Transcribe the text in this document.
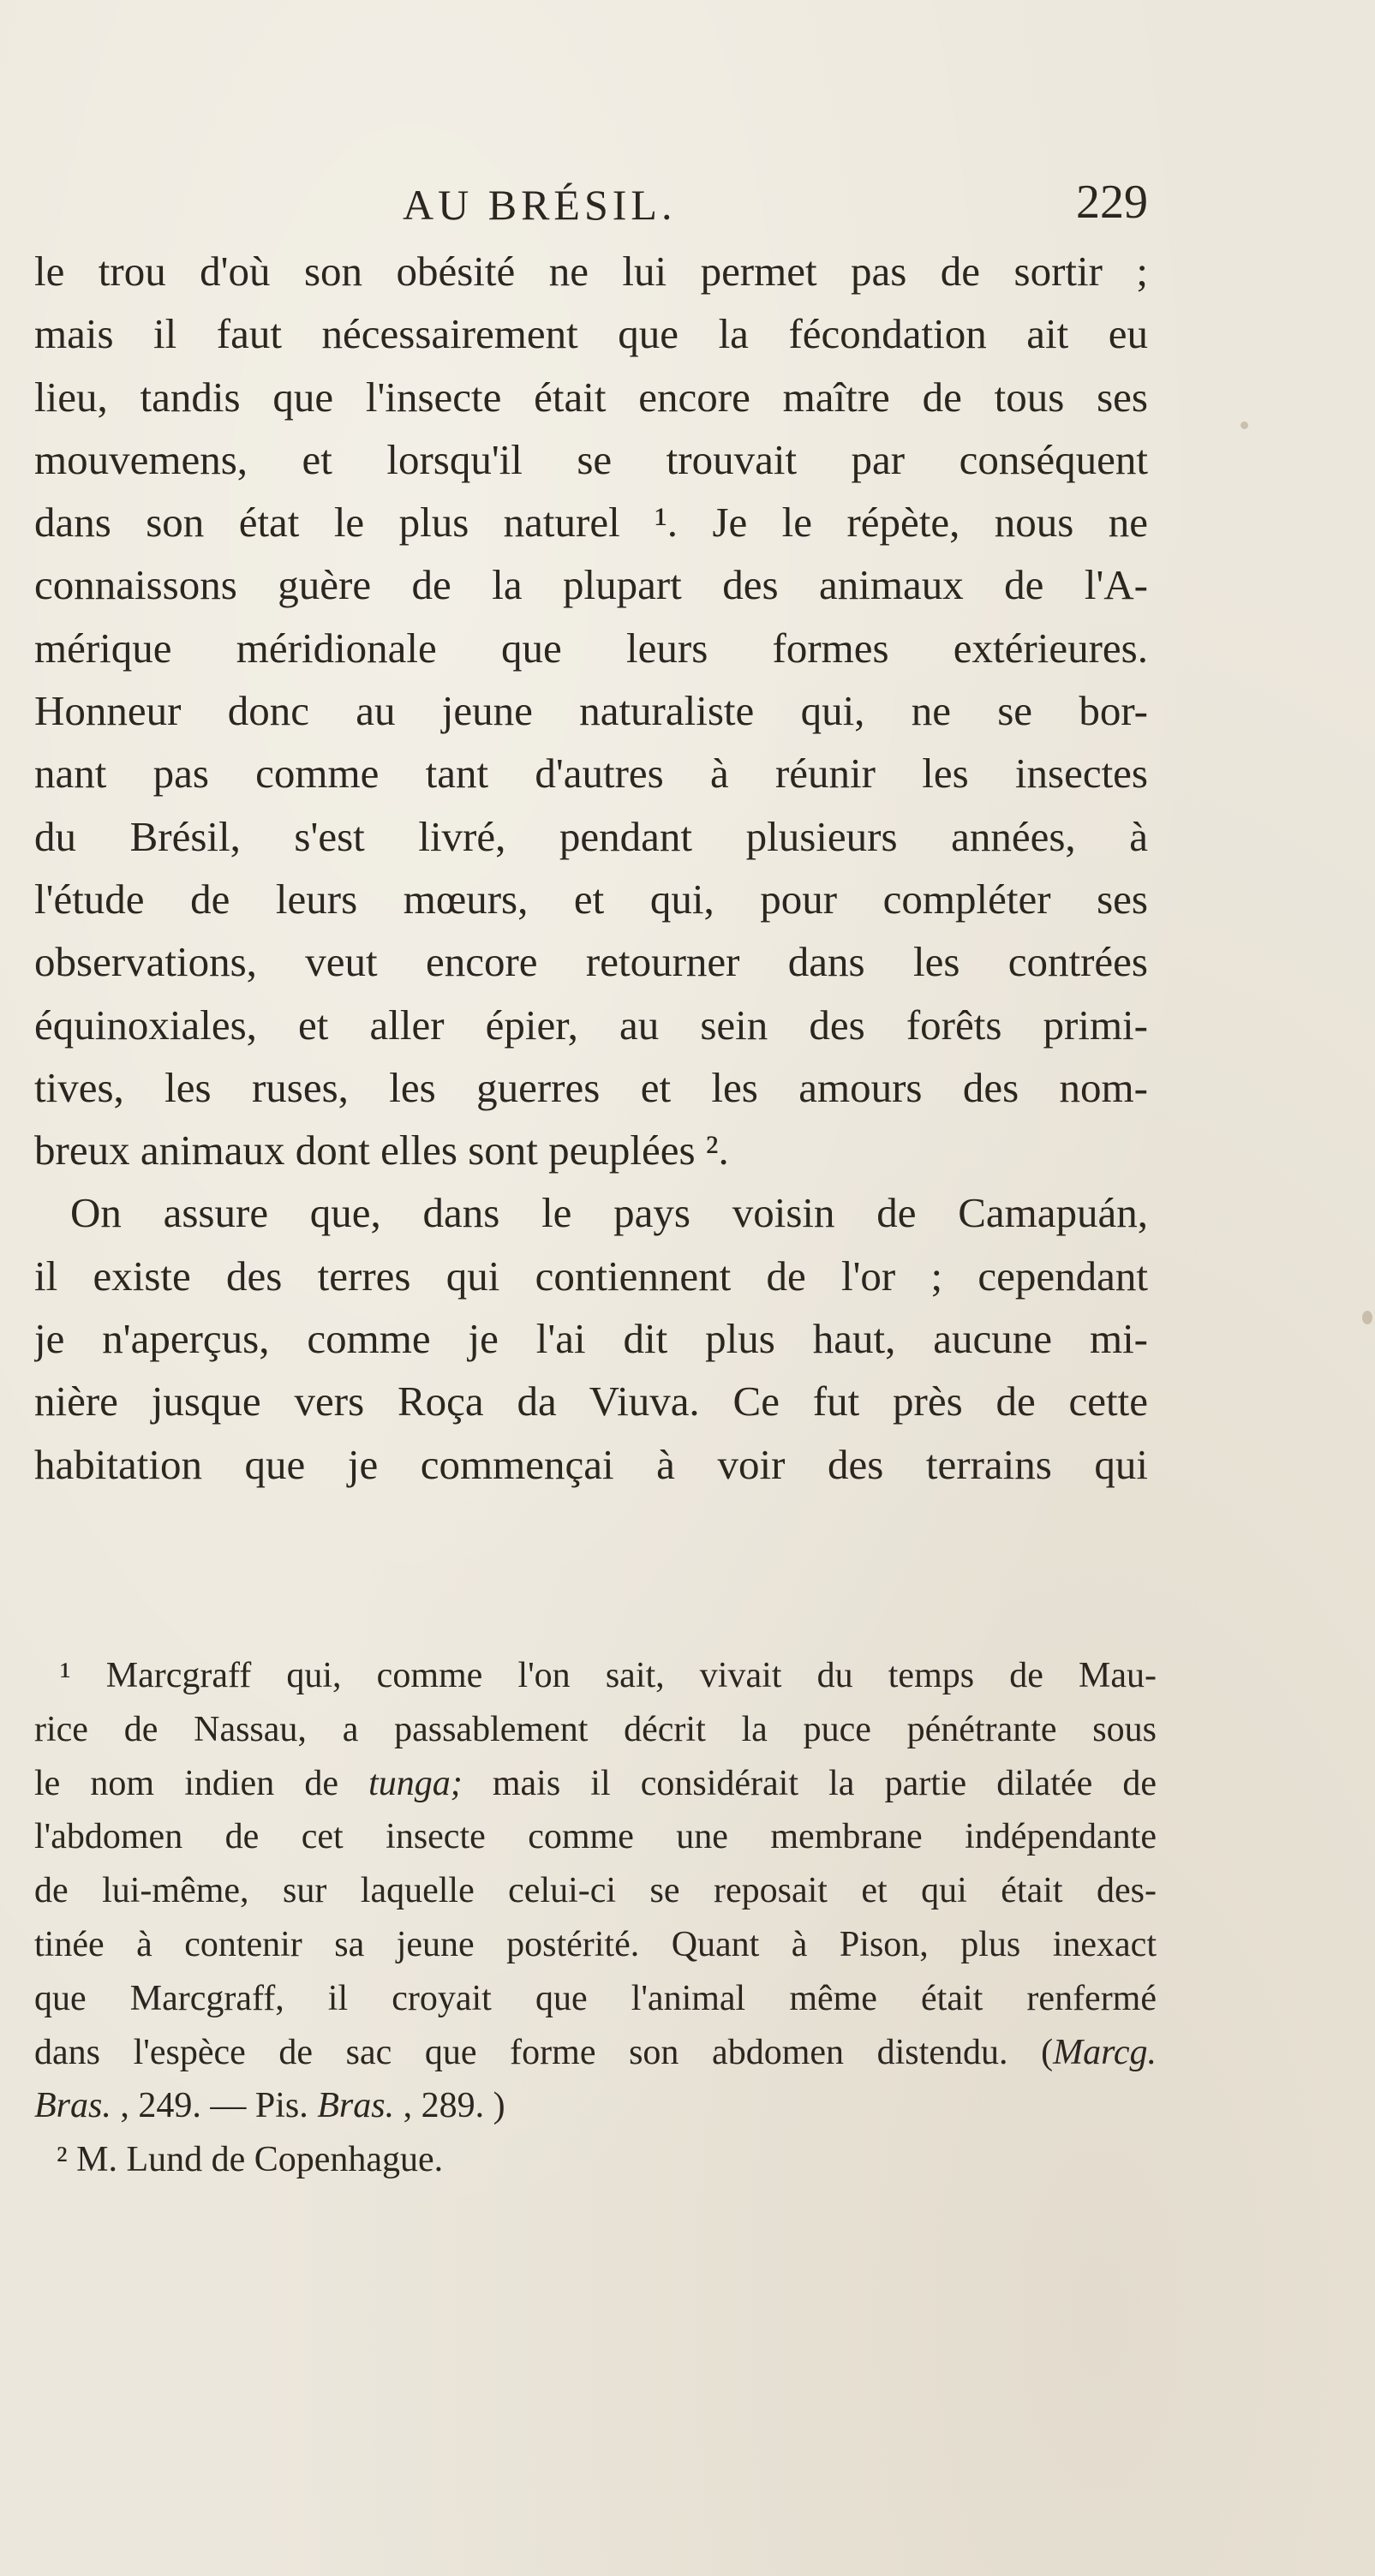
AU BRÉSIL.	229
le trou d'où son obésité ne lui permet pas de sortir ;
mais il faut nécessairement que la fécondation ait eu
lieu, tandis que l'insecte était encore maître de tous ses
mouvemens, et lorsqu'il se trouvait par conséquent
dans son état le plus naturel ¹. Je le répète, nous ne
connaissons guère de la plupart des animaux de l'A-
mérique méridionale que leurs formes extérieures.
Honneur donc au jeune naturaliste qui, ne se bor-
nant pas comme tant d'autres à réunir les insectes
du Brésil, s'est livré, pendant plusieurs années, à
l'étude de leurs mœurs, et qui, pour compléter ses
observations, veut encore retourner dans les contrées
équinoxiales, et aller épier, au sein des forêts primi-
tives, les ruses, les guerres et les amours des nom-
breux animaux dont elles sont peuplées ².
On assure que, dans le pays voisin de Camapuán,
il existe des terres qui contiennent de l'or ; cependant
je n'aperçus, comme je l'ai dit plus haut, aucune mi-
nière jusque vers Roça da Viuva. Ce fut près de cette
habitation que je commençai à voir des terrains qui
¹ Marcgraff qui, comme l'on sait, vivait du temps de Mau-
rice de Nassau, a passablement décrit la puce pénétrante sous
le nom indien de tunga; mais il considérait la partie dilatée de
l'abdomen de cet insecte comme une membrane indépendante
de lui-même, sur laquelle celui-ci se reposait et qui était des-
tinée à contenir sa jeune postérité. Quant à Pison, plus inexact
que Marcgraff, il croyait que l'animal même était renfermé
dans l'espèce de sac que forme son abdomen distendu. (Marcg.
Bras. , 249. — Pis. Bras. , 289. )
² M. Lund de Copenhague.
